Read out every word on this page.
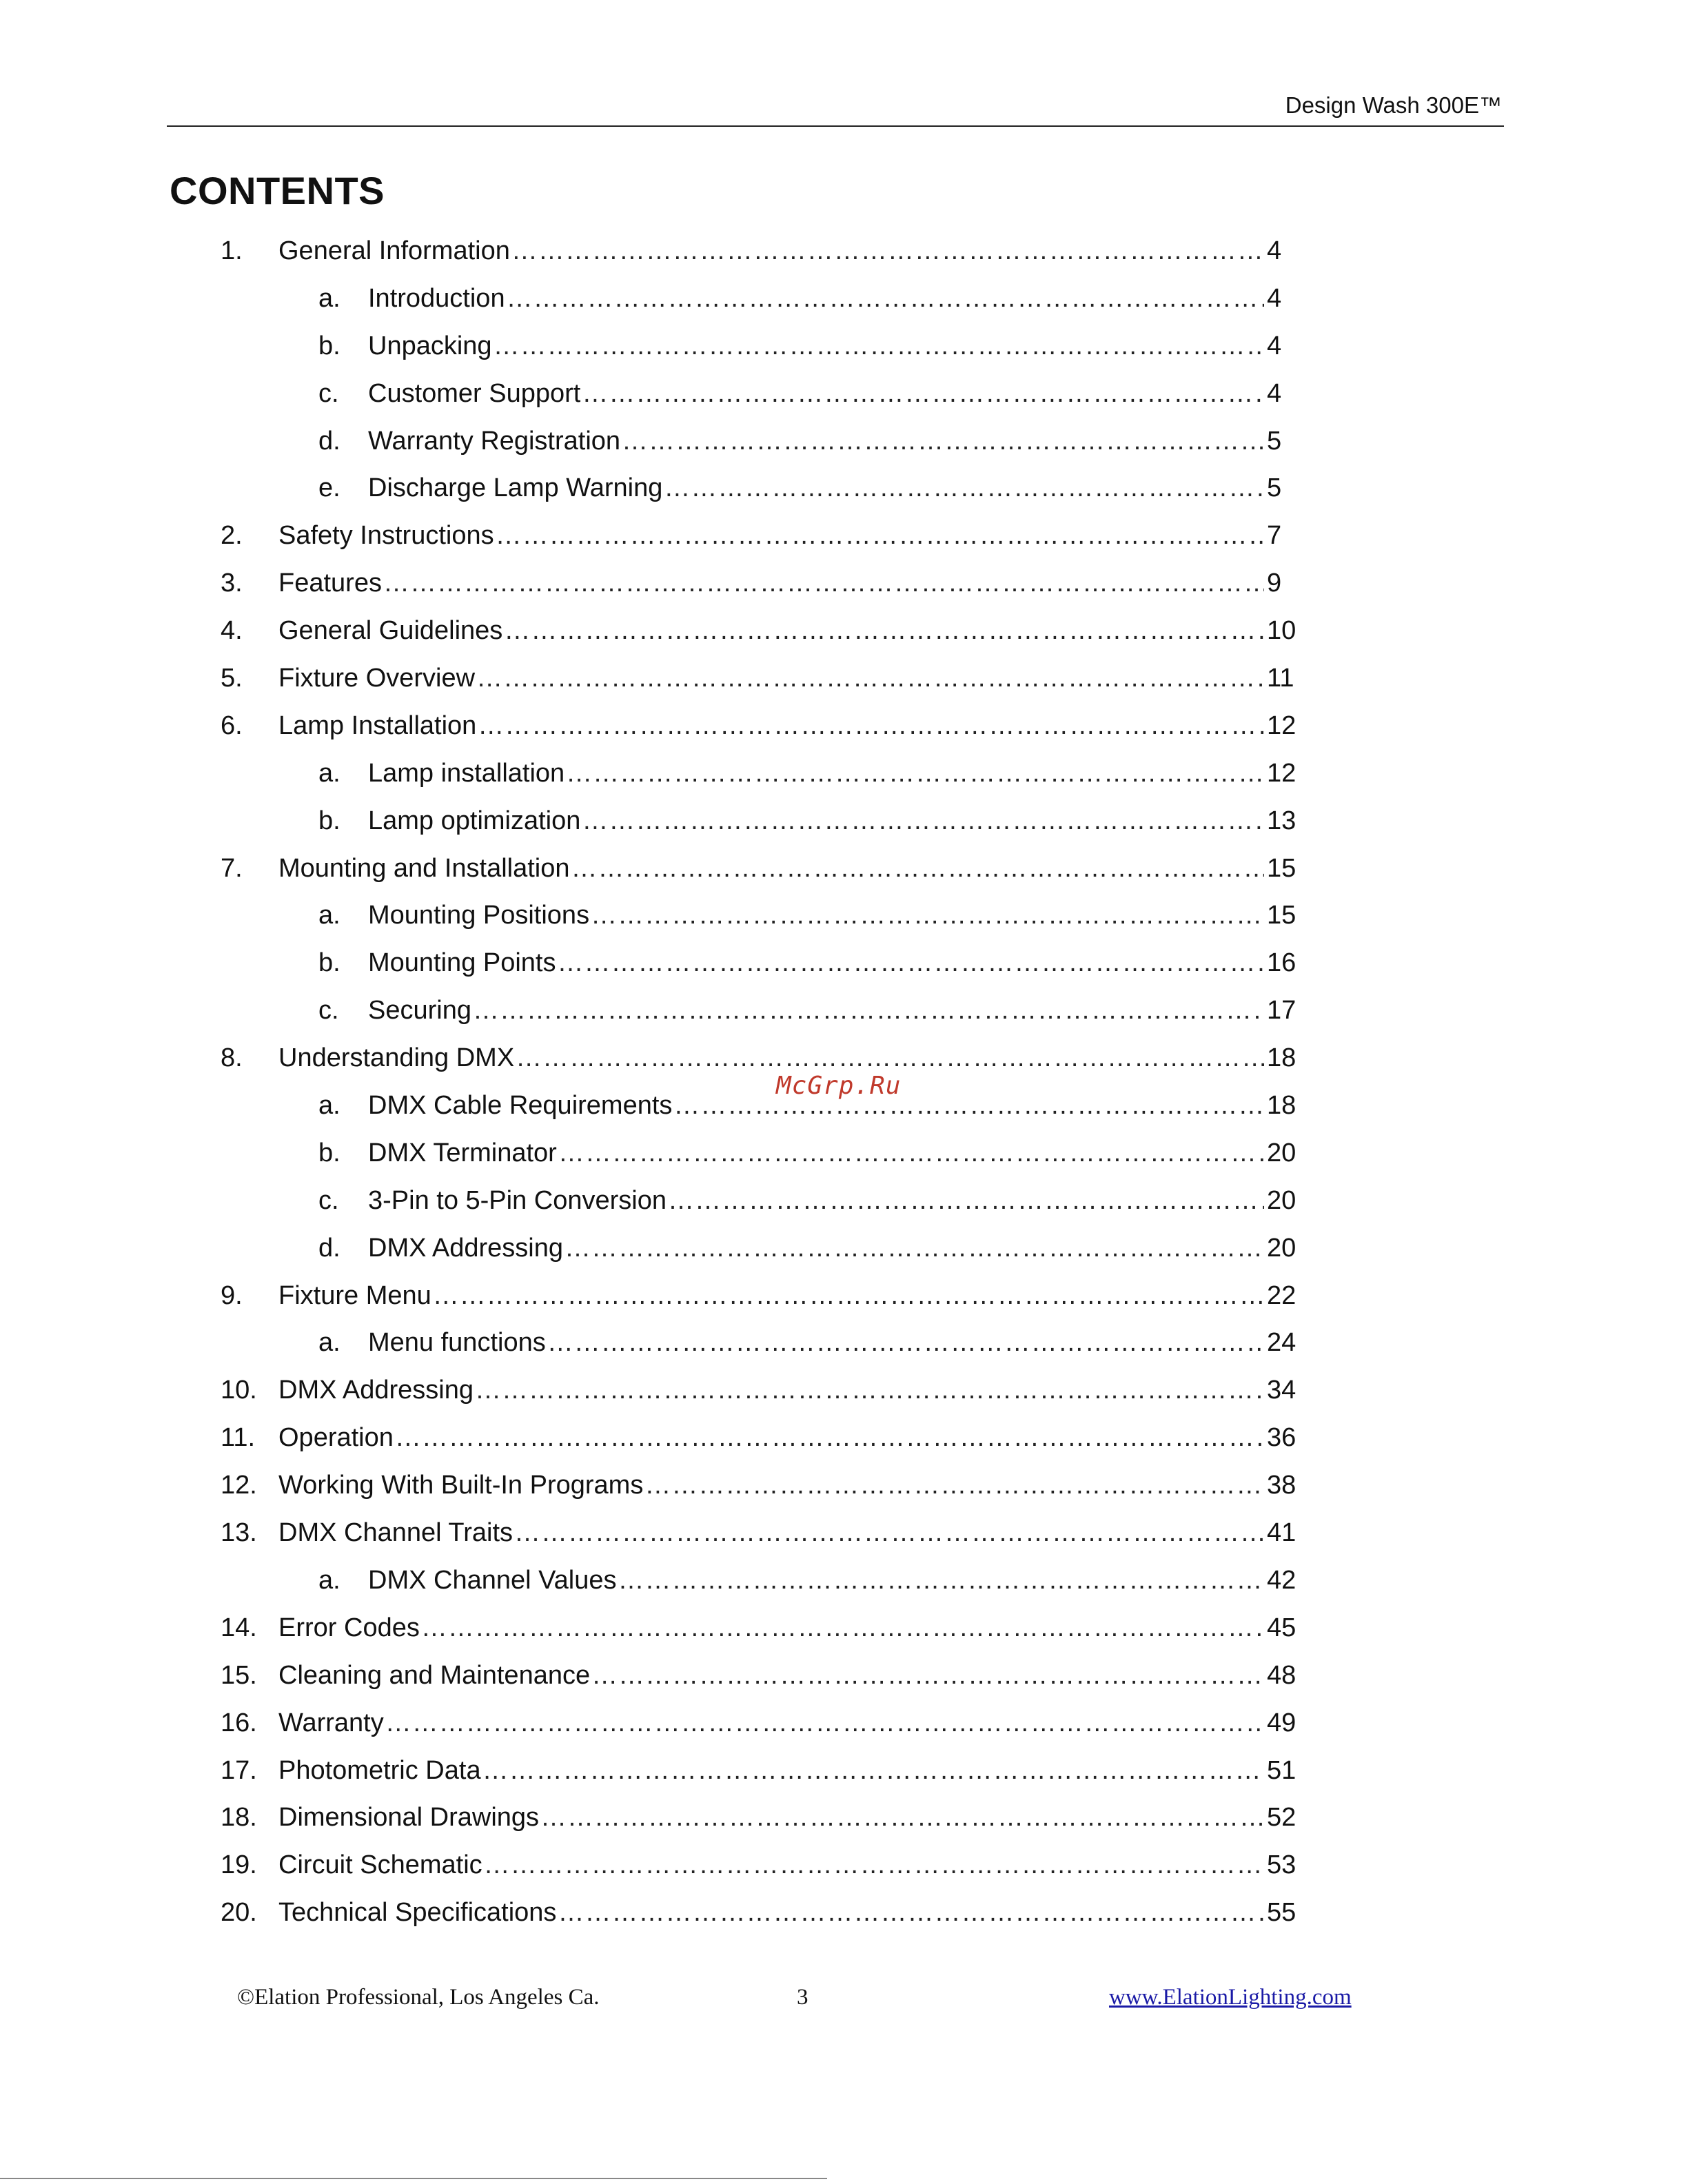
Design Wash 300E™
CONTENTS
1. General Information ……………………………………………………………………………………………………………………………………………………………………	4
a. Introduction ……………………………………………………………………………………………………………………………………………………………………	4
b. Unpacking ……………………………………………………………………………………………………………………………………………………………………	4
c. Customer Support ……………………………………………………………………………………………………………………………………………………………………	4
d. Warranty Registration ……………………………………………………………………………………………………………………………………………………………………	5
e. Discharge Lamp Warning ……………………………………………………………………………………………………………………………………………………………………	5
2. Safety Instructions ……………………………………………………………………………………………………………………………………………………………………	7
3. Features ……………………………………………………………………………………………………………………………………………………………………	9
4. General Guidelines ……………………………………………………………………………………………………………………………………………………………………	10
5. Fixture Overview ……………………………………………………………………………………………………………………………………………………………………	11
6. Lamp Installation ……………………………………………………………………………………………………………………………………………………………………	12
a. Lamp installation ……………………………………………………………………………………………………………………………………………………………………	12
b. Lamp optimization ……………………………………………………………………………………………………………………………………………………………………	13
7. Mounting and Installation ……………………………………………………………………………………………………………………………………………………………………	15
a. Mounting Positions ……………………………………………………………………………………………………………………………………………………………………	15
b. Mounting Points ……………………………………………………………………………………………………………………………………………………………………	16
c. Securing ……………………………………………………………………………………………………………………………………………………………………	17
8. Understanding DMX ……………………………………………………………………………………………………………………………………………………………………	18
a. DMX Cable Requirements ……………………………………………………………………………………………………………………………………………………………………	18
b. DMX Terminator ……………………………………………………………………………………………………………………………………………………………………	20
c. 3-Pin to 5-Pin Conversion ……………………………………………………………………………………………………………………………………………………………………	20
d. DMX Addressing ……………………………………………………………………………………………………………………………………………………………………	20
9. Fixture Menu ……………………………………………………………………………………………………………………………………………………………………	22
a. Menu functions ……………………………………………………………………………………………………………………………………………………………………	24
10. DMX Addressing ……………………………………………………………………………………………………………………………………………………………………	34
11. Operation ……………………………………………………………………………………………………………………………………………………………………	36
12. Working With Built-In Programs ……………………………………………………………………………………………………………………………………………………………………	38
13. DMX Channel Traits ……………………………………………………………………………………………………………………………………………………………………	41
a. DMX Channel Values ……………………………………………………………………………………………………………………………………………………………………	42
14. Error Codes ……………………………………………………………………………………………………………………………………………………………………	45
15. Cleaning and Maintenance ……………………………………………………………………………………………………………………………………………………………………	48
16. Warranty ……………………………………………………………………………………………………………………………………………………………………	49
17. Photometric Data ……………………………………………………………………………………………………………………………………………………………………	51
18. Dimensional Drawings ……………………………………………………………………………………………………………………………………………………………………	52
19. Circuit Schematic ……………………………………………………………………………………………………………………………………………………………………	53
20. Technical Specifications ……………………………………………………………………………………………………………………………………………………………………	55
McGrp.Ru
©Elation Professional, Los Angeles Ca.	3	www.ElationLighting.com
